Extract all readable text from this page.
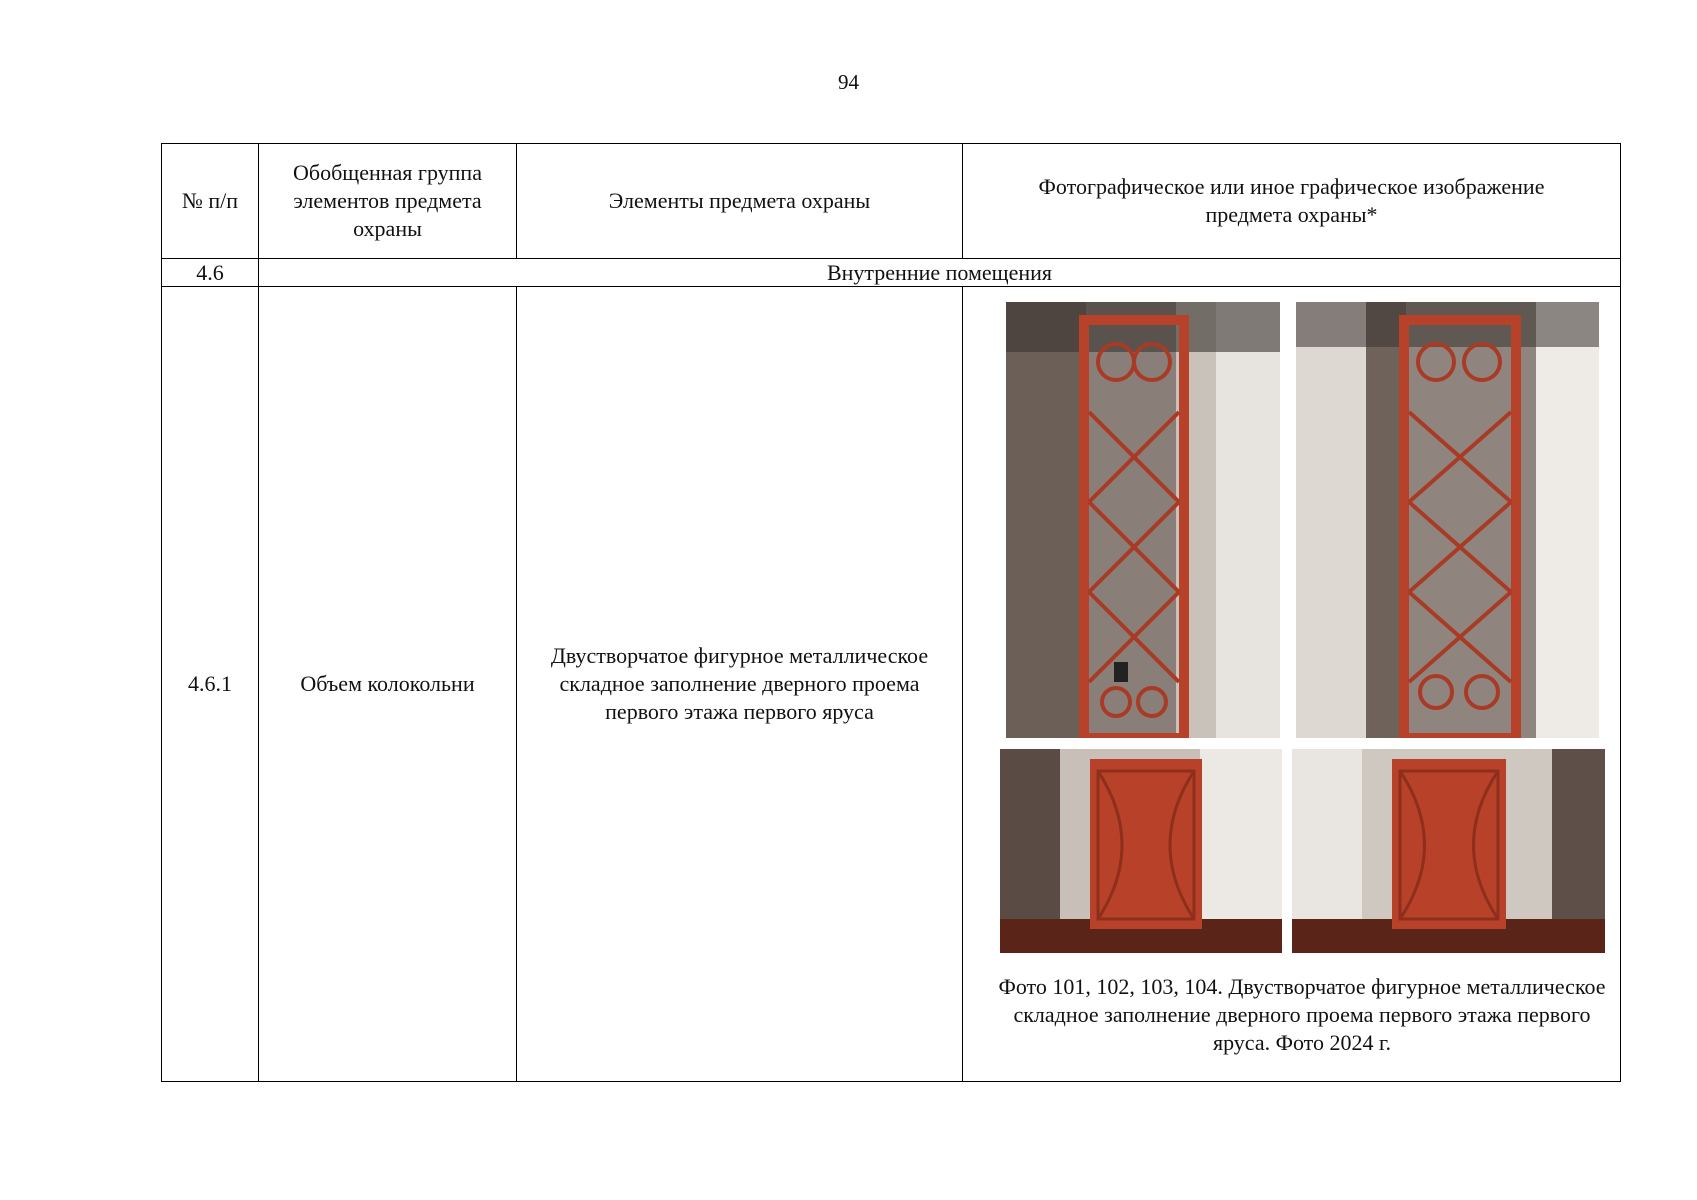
94
№ п/п	Обобщенная группа элементов предмета охраны	Элементы предмета охраны	Фотографическое или иное графическое изображение предмета охраны*
4.6	Внутренние помещения		
4.6.1	Объем колокольни	Двустворчатое фигурное металлическое складное заполнение дверного проема первого этажа первого яруса	Фото 101, 102, 103, 104. Двустворчатое фигурное металлическое складное заполнение дверного проема первого этажа первого яруса. Фото 2024 г.
